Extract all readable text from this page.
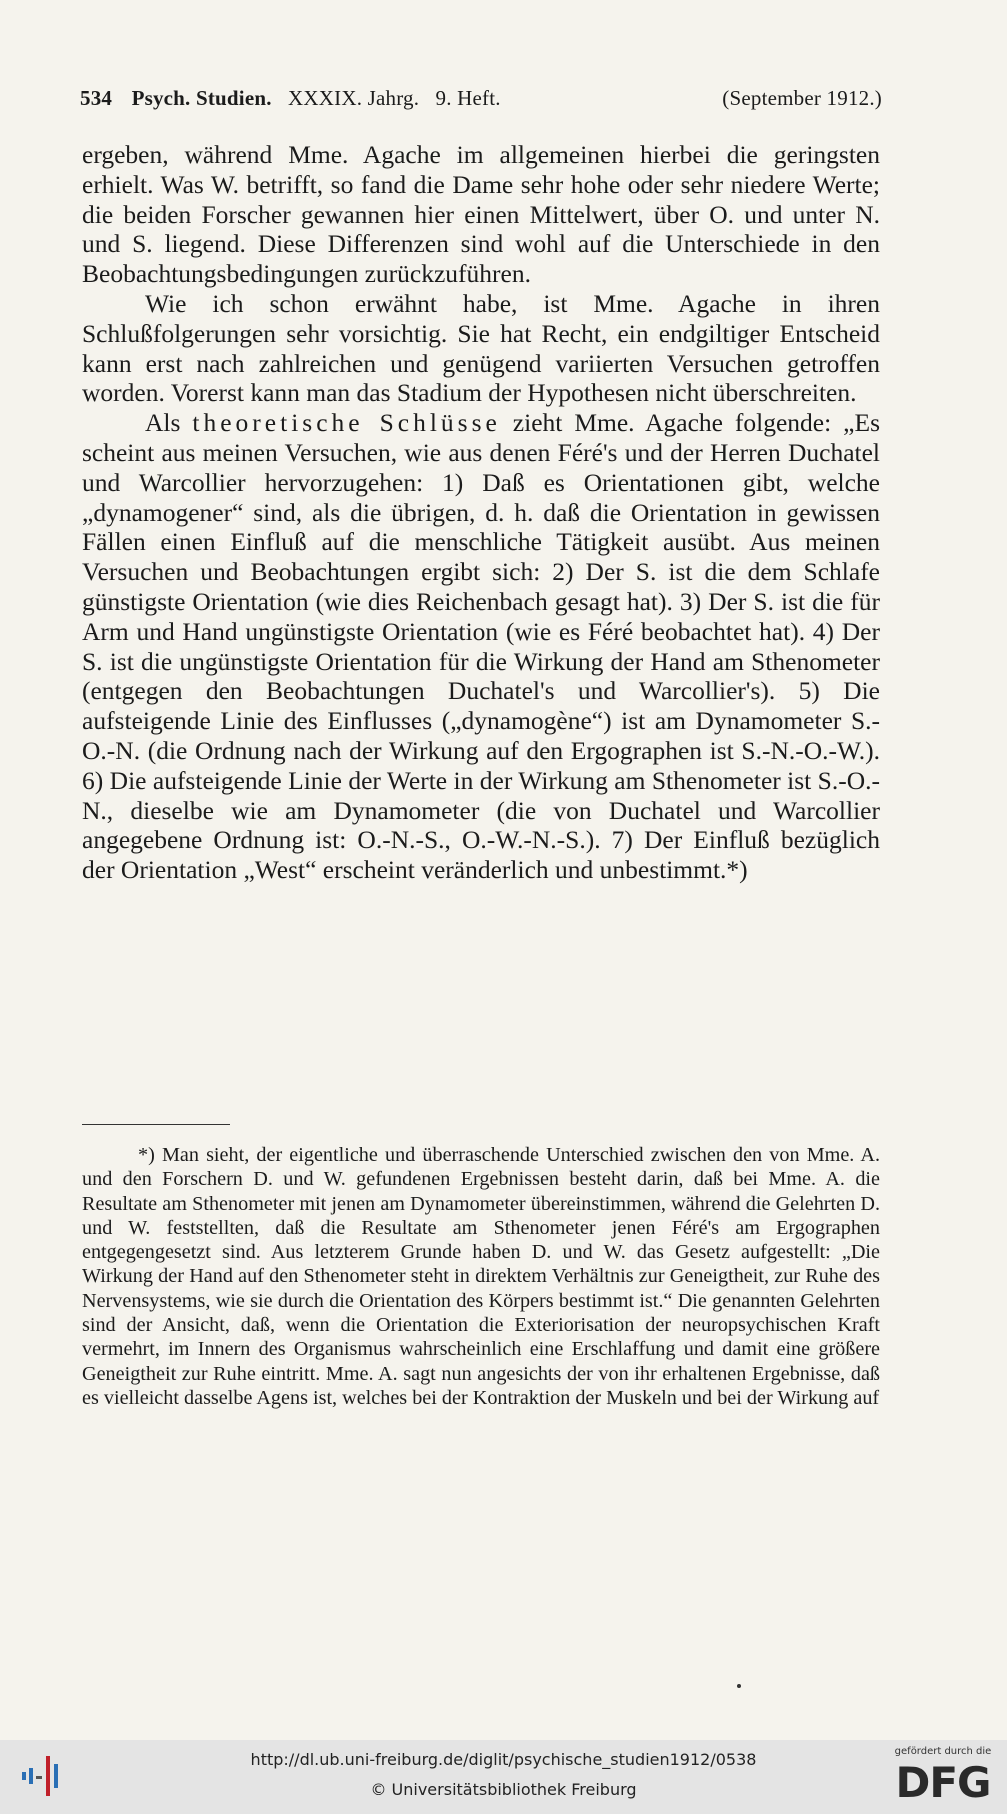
534 Psych. Studien. XXXIX. Jahrg. 9. Heft.	(September 1912.)

ergeben, während Mme. Agache im allgemeinen hierbei die geringsten erhielt. Was W. betrifft, so fand die Dame sehr hohe oder sehr niedere Werte; die beiden Forscher gewannen hier einen Mittelwert, über O. und unter N. und S. liegend. Diese Differenzen sind wohl auf die Unterschiede in den Beobachtungsbedingungen zurückzuführen.

Wie ich schon erwähnt habe, ist Mme. Agache in ihren Schlußfolgerungen sehr vorsichtig. Sie hat Recht, ein endgiltiger Entscheid kann erst nach zahlreichen und genügend variierten Versuchen getroffen worden. Vorerst kann man das Stadium der Hypothesen nicht überschreiten.

Als theoretische Schlüsse zieht Mme. Agache folgende: „Es scheint aus meinen Versuchen, wie aus denen Féré's und der Herren Duchatel und Warcollier hervorzugehen: 1) Daß es Orientationen gibt, welche „dynamogener“ sind, als die übrigen, d. h. daß die Orientation in gewissen Fällen einen Einfluß auf die menschliche Tätigkeit ausübt. Aus meinen Versuchen und Beobachtungen ergibt sich: 2) Der S. ist die dem Schlafe günstigste Orientation (wie dies Reichenbach gesagt hat). 3) Der S. ist die für Arm und Hand ungünstigste Orientation (wie es Féré beobachtet hat). 4) Der S. ist die ungünstigste Orientation für die Wirkung der Hand am Sthenometer (entgegen den Beobachtungen Duchatel's und Warcollier's). 5) Die aufsteigende Linie des Einflusses („dynamogène“) ist am Dynamometer S.-O.-N. (die Ordnung nach der Wirkung auf den Ergographen ist S.-N.-O.-W.). 6) Die aufsteigende Linie der Werte in der Wirkung am Sthenometer ist S.-O.-N., dieselbe wie am Dynamometer (die von Duchatel und Warcollier angegebene Ordnung ist: O.-N.-S., O.-W.-N.-S.). 7) Der Einfluß bezüglich der Orientation „West“ erscheint veränderlich und unbestimmt.*)

*) Man sieht, der eigentliche und überraschende Unterschied zwischen den von Mme. A. und den Forschern D. und W. gefundenen Ergebnissen besteht darin, daß bei Mme. A. die Resultate am Sthenometer mit jenen am Dynamometer übereinstimmen, während die Gelehrten D. und W. feststellten, daß die Resultate am Sthenometer jenen Féré's am Ergographen entgegengesetzt sind. Aus letzterem Grunde haben D. und W. das Gesetz aufgestellt: „Die Wirkung der Hand auf den Sthenometer steht in direktem Verhältnis zur Geneigtheit, zur Ruhe des Nervensystems, wie sie durch die Orientation des Körpers bestimmt ist.“ Die genannten Gelehrten sind der Ansicht, daß, wenn die Orientation die Exteriorisation der neuropsychischen Kraft vermehrt, im Innern des Organismus wahrscheinlich eine Erschlaffung und damit eine größere Geneigtheit zur Ruhe eintritt. Mme. A. sagt nun angesichts der von ihr erhaltenen Ergebnisse, daß es vielleicht dasselbe Agens ist, welches bei der Kontraktion der Muskeln und bei der Wirkung auf

http://dl.ub.uni-freiburg.de/diglit/psychische_studien1912/0538
© Universitätsbibliothek Freiburg
gefördert durch die
DFG
